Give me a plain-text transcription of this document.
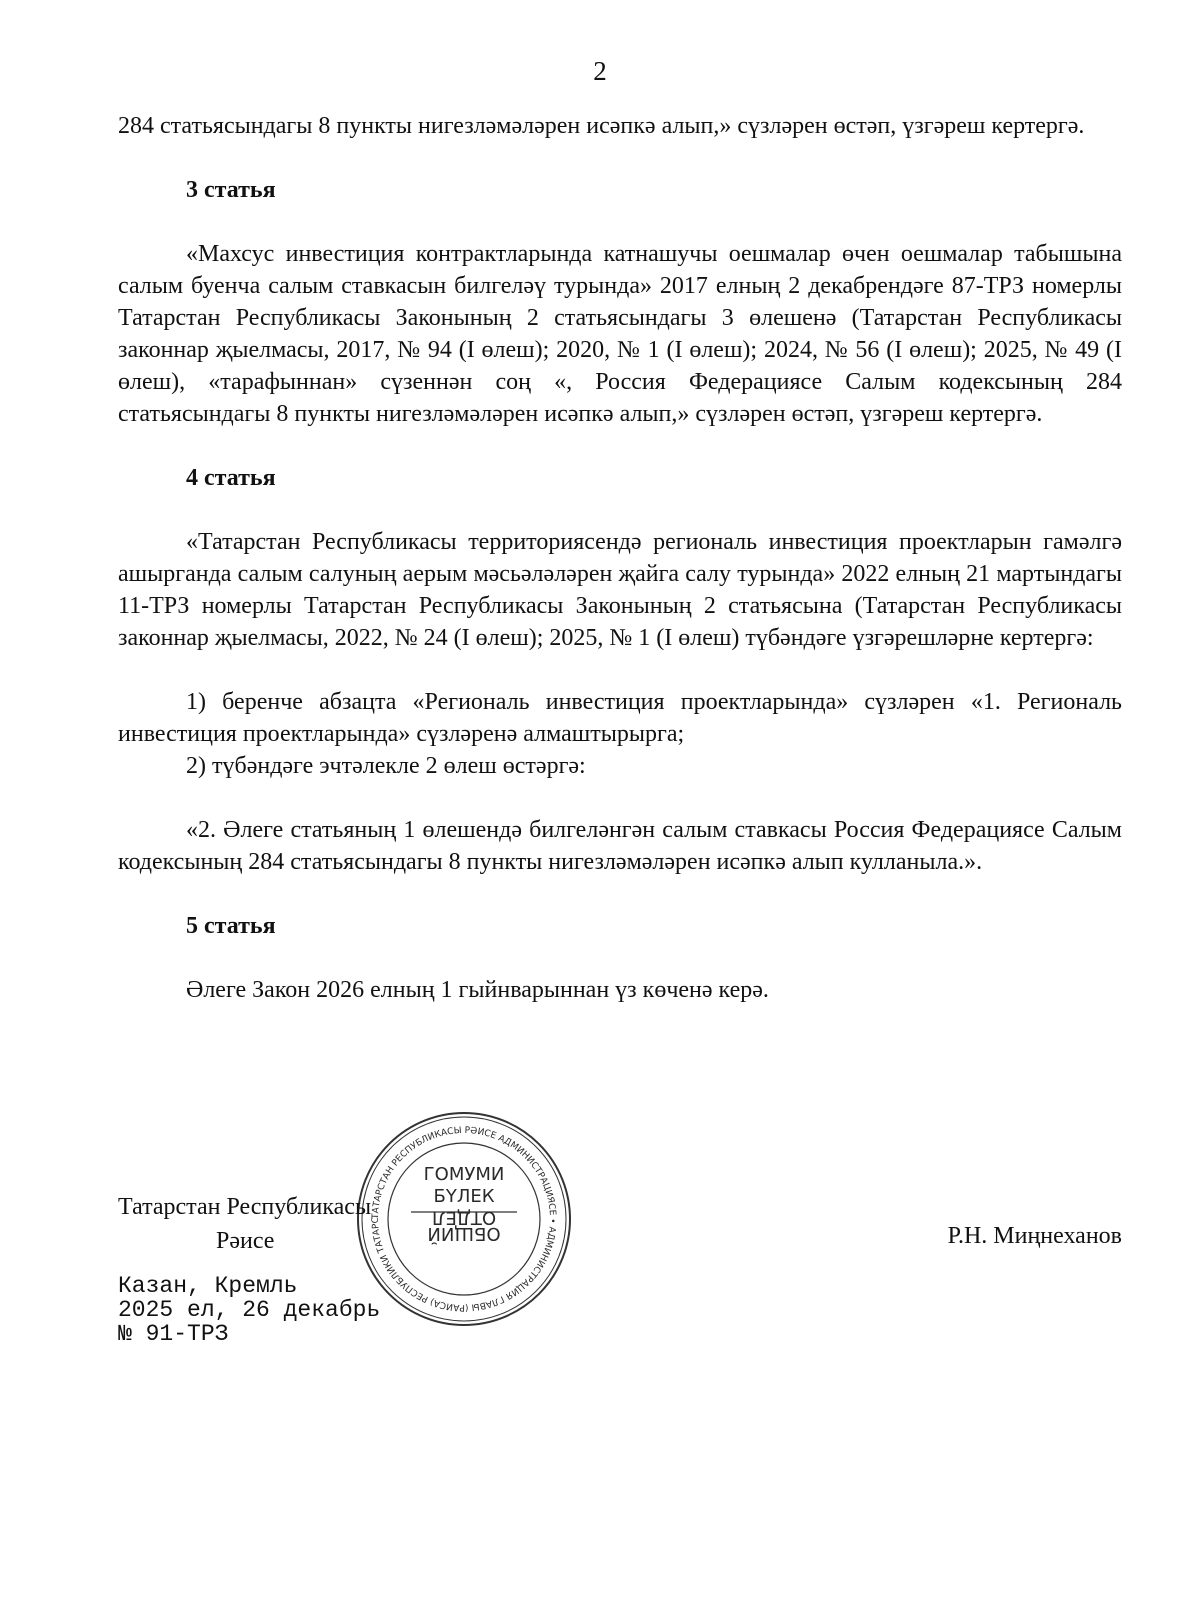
2

284 статьясындагы 8 пункты нигезләмәләрен исәпкә алып,» сүзләрен өстәп, үзгәреш кертергә.

3 статья

«Махсус инвестиция контрактларында катнашучы оешмалар өчен оешмалар табышына салым буенча салым ставкасын билгеләү турында» 2017 елның 2 декабрендәге 87-ТРЗ номерлы Татарстан Республикасы Законының 2 статьясындагы 3 өлешенә (Татарстан Республикасы законнар җыелмасы, 2017, № 94 (I өлеш); 2020, № 1 (I өлеш); 2024, № 56 (I өлеш); 2025, № 49 (I өлеш), «тарафыннан» сүзеннән соң «, Россия Федерациясе Салым кодексының 284 статьясындагы 8 пункты нигезләмәләрен исәпкә алып,» сүзләрен өстәп, үзгәреш кертергә.

4 статья

«Татарстан Республикасы территориясендә региональ инвестиция проектларын гамәлгә ашырганда салым салуның аерым мәсьәләләрен җайга салу турында» 2022 елның 21 мартындагы 11-ТРЗ номерлы Татарстан Республикасы Законының 2 статьясына (Татарстан Республикасы законнар җыелмасы, 2022, № 24 (I өлеш); 2025, № 1 (I өлеш) түбәндәге үзгәрешләрне кертергә:

1) беренче абзацта «Региональ инвестиция проектларында» сүзләрен «1. Региональ инвестиция проектларында» сүзләренә алмаштырырга;

2) түбәндәге эчтәлекле 2 өлеш өстәргә:

«2. Әлеге статьяның 1 өлешендә билгеләнгән салым ставкасы Россия Федерациясе Салым кодексының 284 статьясындагы 8 пункты нигезләмәләрен исәпкә алып кулланыла.».

5 статья

Әлеге Закон 2026 елның 1 гыйнварыннан үз көченә керә.

ТАТАРСТАН РЕСПУБЛИКАСЫ РӘИСЕ АДМИНИСТРАЦИЯСЕ • АДМИНИСТРАЦИЯ ГЛАВЫ (РАИСА) РЕСПУБЛИКИ ТАТАРС
ГОМУМИ
БҮЛЕК
ОТДЕЛ
ОБЩИЙ
Татарстан Республикасы
Рәисе	Р.Н. Миңнеханов
Казан, Кремль
2025 ел, 26 декабрь
№ 91-ТРЗ
